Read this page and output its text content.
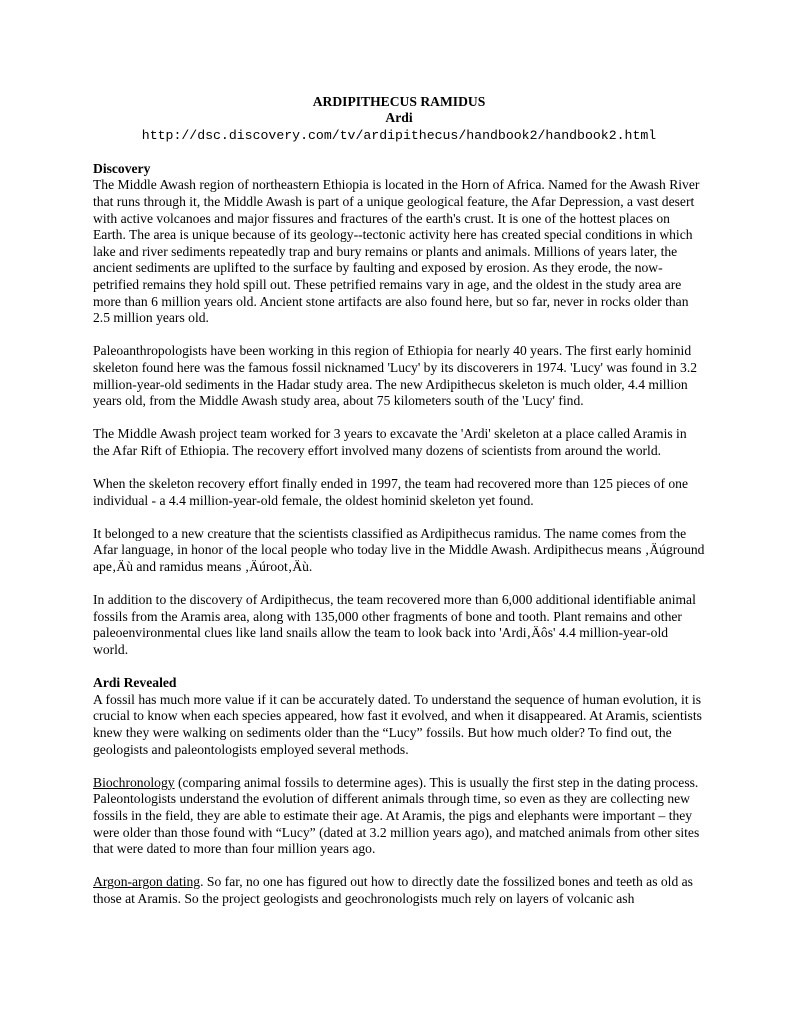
ARDIPITHECUS RAMIDUS
Ardi
http://dsc.discovery.com/tv/ardipithecus/handbook2/handbook2.html
Discovery

The Middle Awash region of northeastern Ethiopia is located in the Horn of Africa. Named for the Awash River that runs through it, the Middle Awash is part of a unique geological feature, the Afar Depression, a vast desert with active volcanoes and major fissures and fractures of the earth's crust. It is one of the hottest places on Earth. The area is unique because of its geology--tectonic activity here has created special conditions in which lake and river sediments repeatedly trap and bury remains or plants and animals. Millions of years later, the ancient sediments are uplifted to the surface by faulting and exposed by erosion. As they erode, the now-petrified remains they hold spill out. These petrified remains vary in age, and the oldest in the study area are more than 6 million years old. Ancient stone artifacts are also found here, but so far, never in rocks older than 2.5 million years old.

Paleoanthropologists have been working in this region of Ethiopia for nearly 40 years. The first early hominid skeleton found here was the famous fossil nicknamed 'Lucy' by its discoverers in 1974. 'Lucy' was found in 3.2 million-year-old sediments in the Hadar study area. The new Ardipithecus skeleton is much older, 4.4 million years old, from the Middle Awash study area, about 75 kilometers south of the 'Lucy' find.

The Middle Awash project team worked for 3 years to excavate the 'Ardi' skeleton at a place called Aramis in the Afar Rift of Ethiopia. The recovery effort involved many dozens of scientists from around the world.

When the skeleton recovery effort finally ended in 1997, the team had recovered more than 125 pieces of one individual - a 4.4 million-year-old female, the oldest hominid skeleton yet found.

It belonged to a new creature that the scientists classified as Ardipithecus ramidus. The name comes from the Afar language, in honor of the local people who today live in the Middle Awash. Ardipithecus means ‚Äúground ape‚Äù and ramidus means ‚Äúroot‚Äù.

In addition to the discovery of Ardipithecus, the team recovered more than 6,000 additional identifiable animal fossils from the Aramis area, along with 135,000 other fragments of bone and tooth. Plant remains and other paleoenvironmental clues like land snails allow the team to look back into 'Ardi‚Äôs' 4.4 million-year-old world.

Ardi Revealed

A fossil has much more value if it can be accurately dated. To understand the sequence of human evolution, it is crucial to know when each species appeared, how fast it evolved, and when it disappeared. At Aramis, scientists knew they were walking on sediments older than the “Lucy” fossils. But how much older? To find out, the geologists and paleontologists employed several methods.

Biochronology (comparing animal fossils to determine ages). This is usually the first step in the dating process. Paleontologists understand the evolution of different animals through time, so even as they are collecting new fossils in the field, they are able to estimate their age. At Aramis, the pigs and elephants were important – they were older than those found with “Lucy” (dated at 3.2 million years ago), and matched animals from other sites that were dated to more than four million years ago.

Argon-argon dating. So far, no one has figured out how to directly date the fossilized bones and teeth as old as those at Aramis. So the project geologists and geochronologists much rely on layers of volcanic ash
